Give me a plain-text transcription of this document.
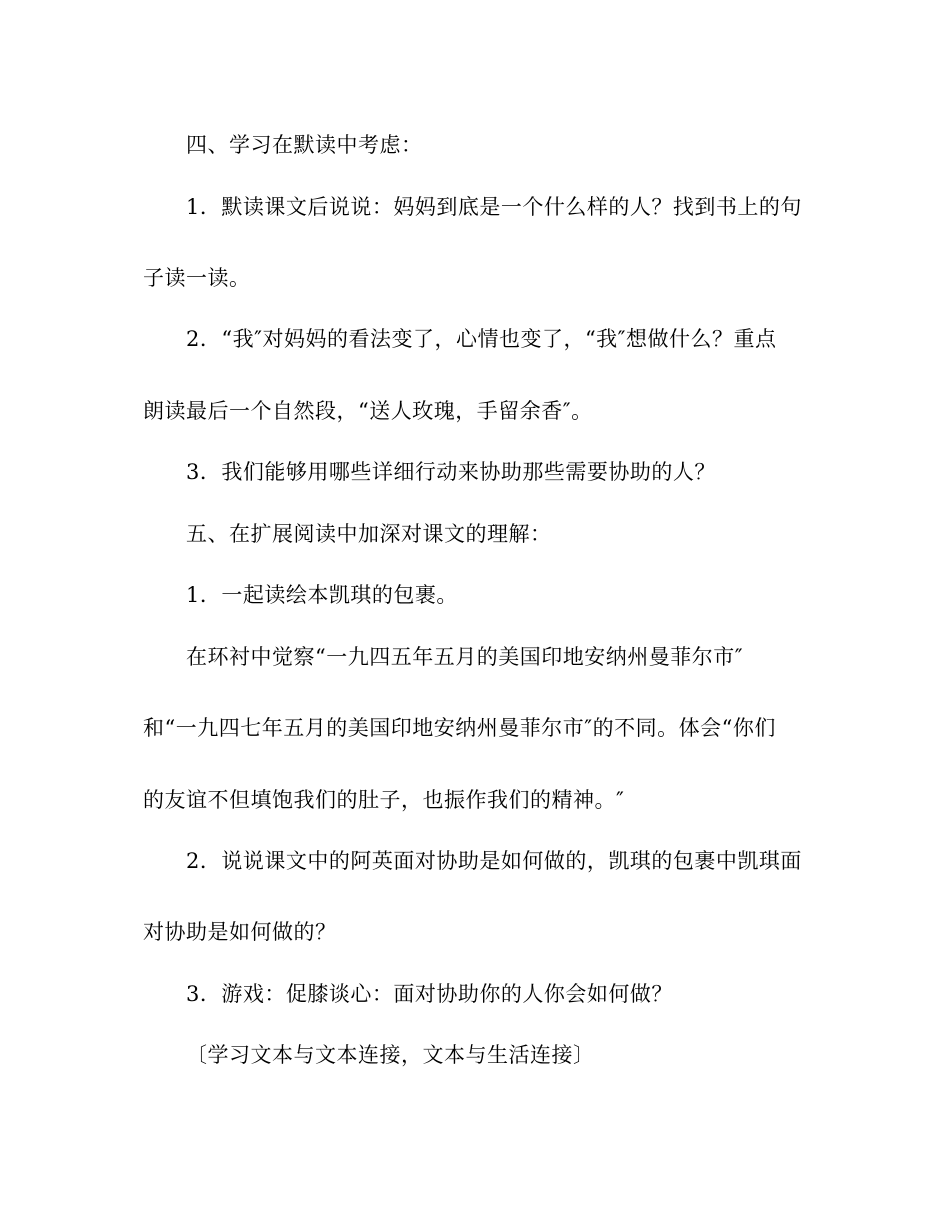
四、学习在默读中考虑：
1．默读课文后说说：妈妈到底是一个什么样的人？找到书上的句
子读一读。
2．“我″对妈妈的看法变了，心情也变了，“我″想做什么？重点
朗读最后一个自然段，“送人玫瑰，手留余香″。
3．我们能够用哪些详细行动来协助那些需要协助的人？
五、在扩展阅读中加深对课文的理解：
1．一起读绘本凯琪的包裹。
在环衬中觉察“一九四五年五月的美国印地安纳州曼菲尔市″
和“一九四七年五月的美国印地安纳州曼菲尔市″的不同。体会“你们
的友谊不但填饱我们的肚子，也振作我们的精神。″
2．说说课文中的阿英面对协助是如何做的，凯琪的包裹中凯琪面
对协助是如何做的？
3．游戏：促膝谈心：面对协助你的人你会如何做？
〔学习文本与文本连接，文本与生活连接〕
